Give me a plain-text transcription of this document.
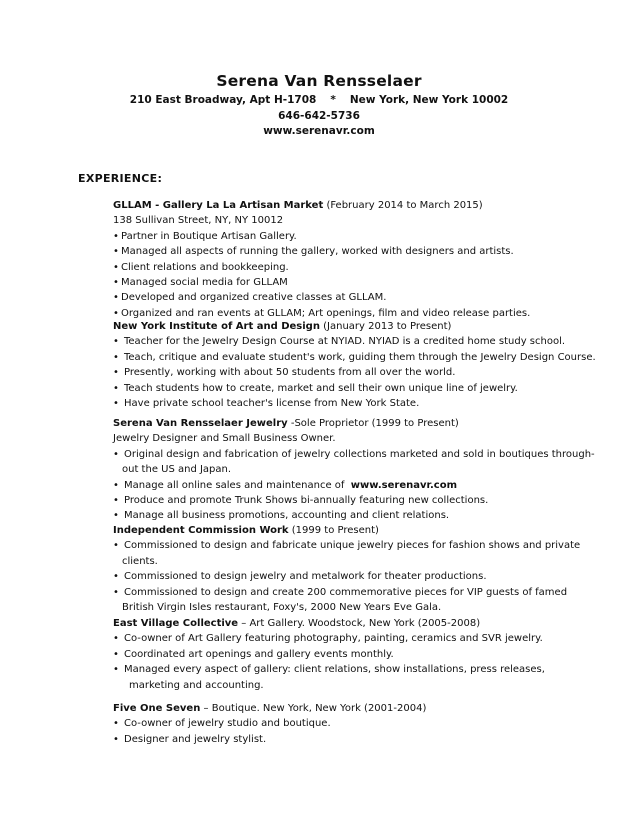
Serena Van Rensselaer
210 East Broadway, Apt H-1708 * New York, New York 10002
646-642-5736
www.serenavr.com
EXPERIENCE:
GLLAM - Gallery La La Artisan Market (February 2014 to March 2015)
138 Sullivan Street, NY, NY 10012
• Partner in Boutique Artisan Gallery.
• Managed all aspects of running the gallery, worked with designers and artists.
• Client relations and bookkeeping.
• Managed social media for GLLAM
• Developed and organized creative classes at GLLAM.
• Organized and ran events at GLLAM; Art openings, film and video release parties.
New York Institute of Art and Design (January 2013 to Present)
• Teacher for the Jewelry Design Course at NYIAD. NYIAD is a credited home study school.
• Teach, critique and evaluate student's work, guiding them through the Jewelry Design Course.
• Presently, working with about 50 students from all over the world.
• Teach students how to create, market and sell their own unique line of jewelry.
• Have private school teacher's license from New York State.
Serena Van Rensselaer Jewelry -Sole Proprietor (1999 to Present)
Jewelry Designer and Small Business Owner.
• Original design and fabrication of jewelry collections marketed and sold in boutiques through-
out the US and Japan.
• Manage all online sales and maintenance of www.serenavr.com
• Produce and promote Trunk Shows bi-annually featuring new collections.
• Manage all business promotions, accounting and client relations.
Independent Commission Work (1999 to Present)
• Commissioned to design and fabricate unique jewelry pieces for fashion shows and private
clients.
• Commissioned to design jewelry and metalwork for theater productions.
• Commissioned to design and create 200 commemorative pieces for VIP guests of famed
British Virgin Isles restaurant, Foxy's, 2000 New Years Eve Gala.
East Village Collective – Art Gallery. Woodstock, New York (2005-2008)
• Co-owner of Art Gallery featuring photography, painting, ceramics and SVR jewelry.
• Coordinated art openings and gallery events monthly.
• Managed every aspect of gallery: client relations, show installations, press releases,
marketing and accounting.
Five One Seven – Boutique. New York, New York (2001-2004)
• Co-owner of jewelry studio and boutique.
• Designer and jewelry stylist.
